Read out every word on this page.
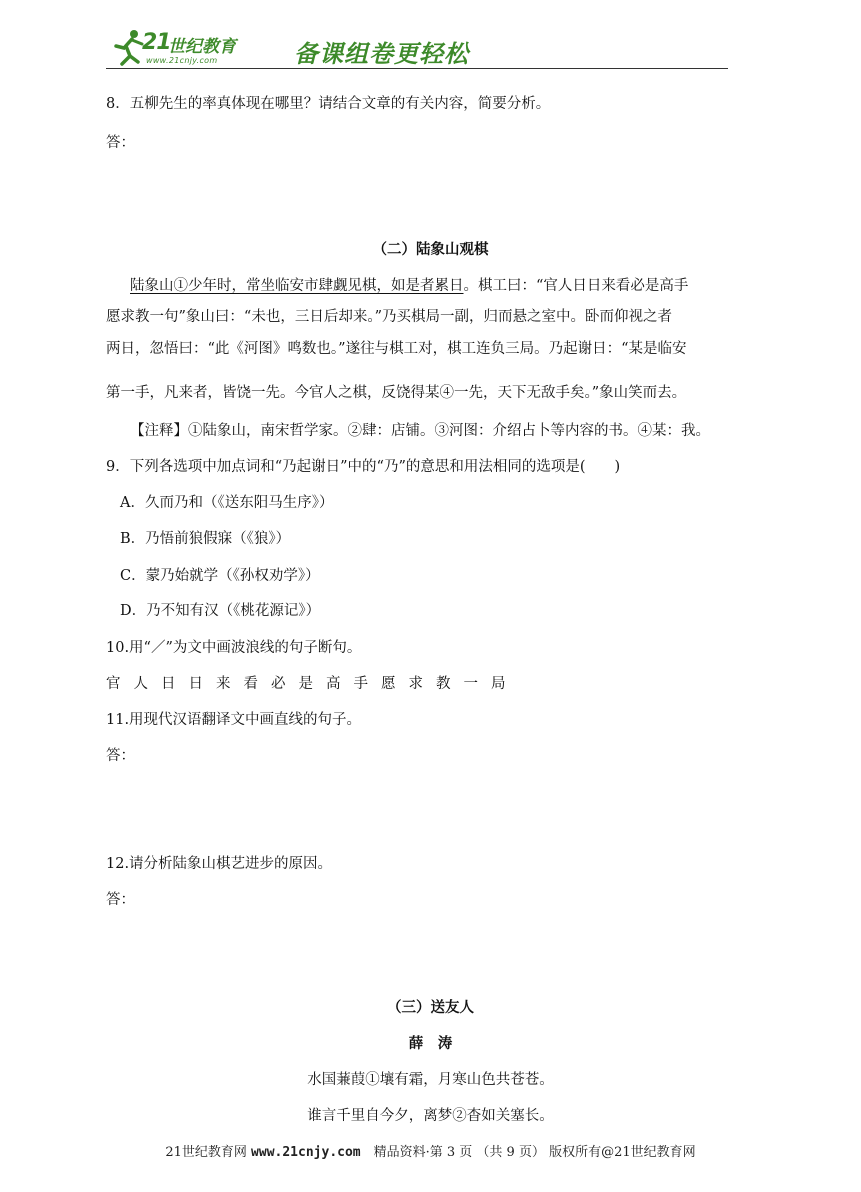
21
世纪教育
www.21cnjy.com	备课组卷更轻松
8．五柳先生的率真体现在哪里？请结合文章的有关内容，简要分析。
答：
（二）陆象山观棋
陆象山①少年时，常坐临安市肆觑见棋，如是者累日。棋工曰：“官人日日来看必是高手
愿求教一句”象山曰：“未也，三日后却来。”乃买棋局一副，归而悬之室中。卧而仰视之者
两日，忽悟曰：“此《河图》鸣数也。”遂往与棋工对，棋工连负三局。乃起谢日：“某是临安
第一手，凡来者，皆饶一先。今官人之棋，反饶得某④一先，天下无敌手矣。”象山笑而去。
【注释】①陆象山，南宋哲学家。②肆：店铺。③河图：介绍占卜等内容的书。④某：我。
9．下列各选项中加点词和“乃起谢日”中的“乃”的意思和用法相同的选项是(　　)
A．久而乃和（《送东阳马生序》）
B．乃悟前狼假寐（《狼》）
C．蒙乃始就学（《孙权劝学》）
D．乃不知有汉（《桃花源记》）
10.用“／”为文中画波浪线的句子断句。
官人日日来看必是高手愿求教一局
11.用现代汉语翻译文中画直线的句子。
答：
12.请分析陆象山棋艺进步的原因。
答：
（三）送友人
薛　涛
水国蒹葭①壤有霜，月寒山色共苍苍。
谁言千里自今夕，离梦②杳如关塞长。
21世纪教育网 www.21cnjy.com　精品资料·第 3 页 （共 9 页） 版权所有@21世纪教育网
